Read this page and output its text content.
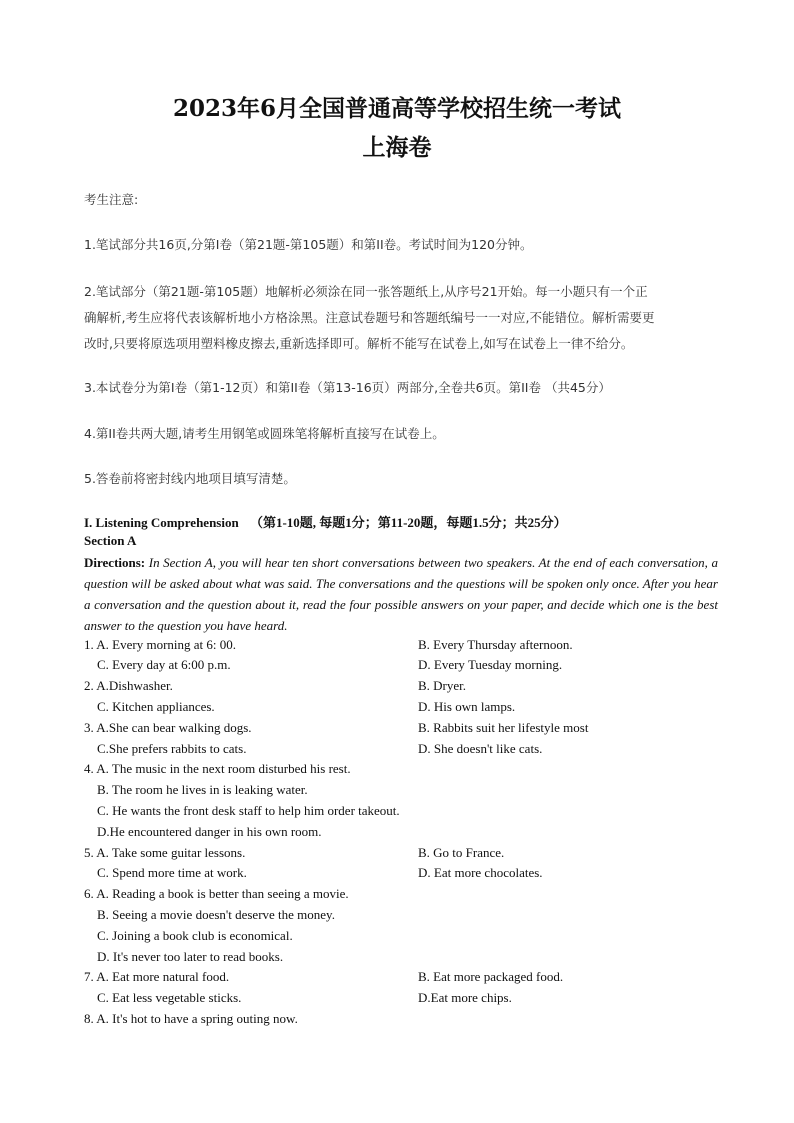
2023年6月全国普通高等学校招生统一考试
上海卷
考生注意:
1.笔试部分共16页,分第I卷（第21题-第105题）和第II卷。考试时间为120分钟。
2.笔试部分（第21题-第105题）地解析必须涂在同一张答题纸上,从序号21开始。每一小题只有一个正
确解析,考生应将代表该解析地小方格涂黑。注意试卷题号和答题纸编号一一对应,不能错位。解析需要更
改时,只要将原选项用塑料橡皮擦去,重新选择即可。解析不能写在试卷上,如写在试卷上一律不给分。
3.本试卷分为第I卷（第1-12页）和第II卷（第13-16页）两部分,全卷共6页。第II卷 （共45分）
4.第II卷共两大题,请考生用钢笔或圆珠笔将解析直接写在试卷上。
5.答卷前将密封线内地项目填写清楚。
I. Listening Comprehension （第1-10题, 每题1分；第11-20题，每题1.5分；共25分）
Section A
Directions: In Section A, you will hear ten short conversations between two speakers. At the end of each conversation, a question will be asked about what was said. The conversations and the questions will be spoken only once. After you hear a conversation and the question about it, read the four possible answers on your paper, and decide which one is the best answer to the question you have heard.
1. A. Every morning at 6: 00.	B. Every Thursday afternoon.
C. Every day at 6:00 p.m.	D. Every Tuesday morning.
2. A.Dishwasher.	B. Dryer.
C. Kitchen appliances.	D. His own lamps.
3. A.She can bear walking dogs.	B. Rabbits suit her lifestyle most
C.She prefers rabbits to cats.	D. She doesn't like cats.
4. A. The music in the next room disturbed his rest.
B. The room he lives in is leaking water.
C. He wants the front desk staff to help him order takeout.
D.He encountered danger in his own room.
5. A. Take some guitar lessons.	B. Go to France.
C. Spend more time at work.	D. Eat more chocolates.
6. A. Reading a book is better than seeing a movie.
B. Seeing a movie doesn't deserve the money.
C. Joining a book club is economical.
D. It's never too later to read books.
7. A. Eat more natural food.	B. Eat more packaged food.
C. Eat less vegetable sticks.	D.Eat more chips.
8. A. It's hot to have a spring outing now.
